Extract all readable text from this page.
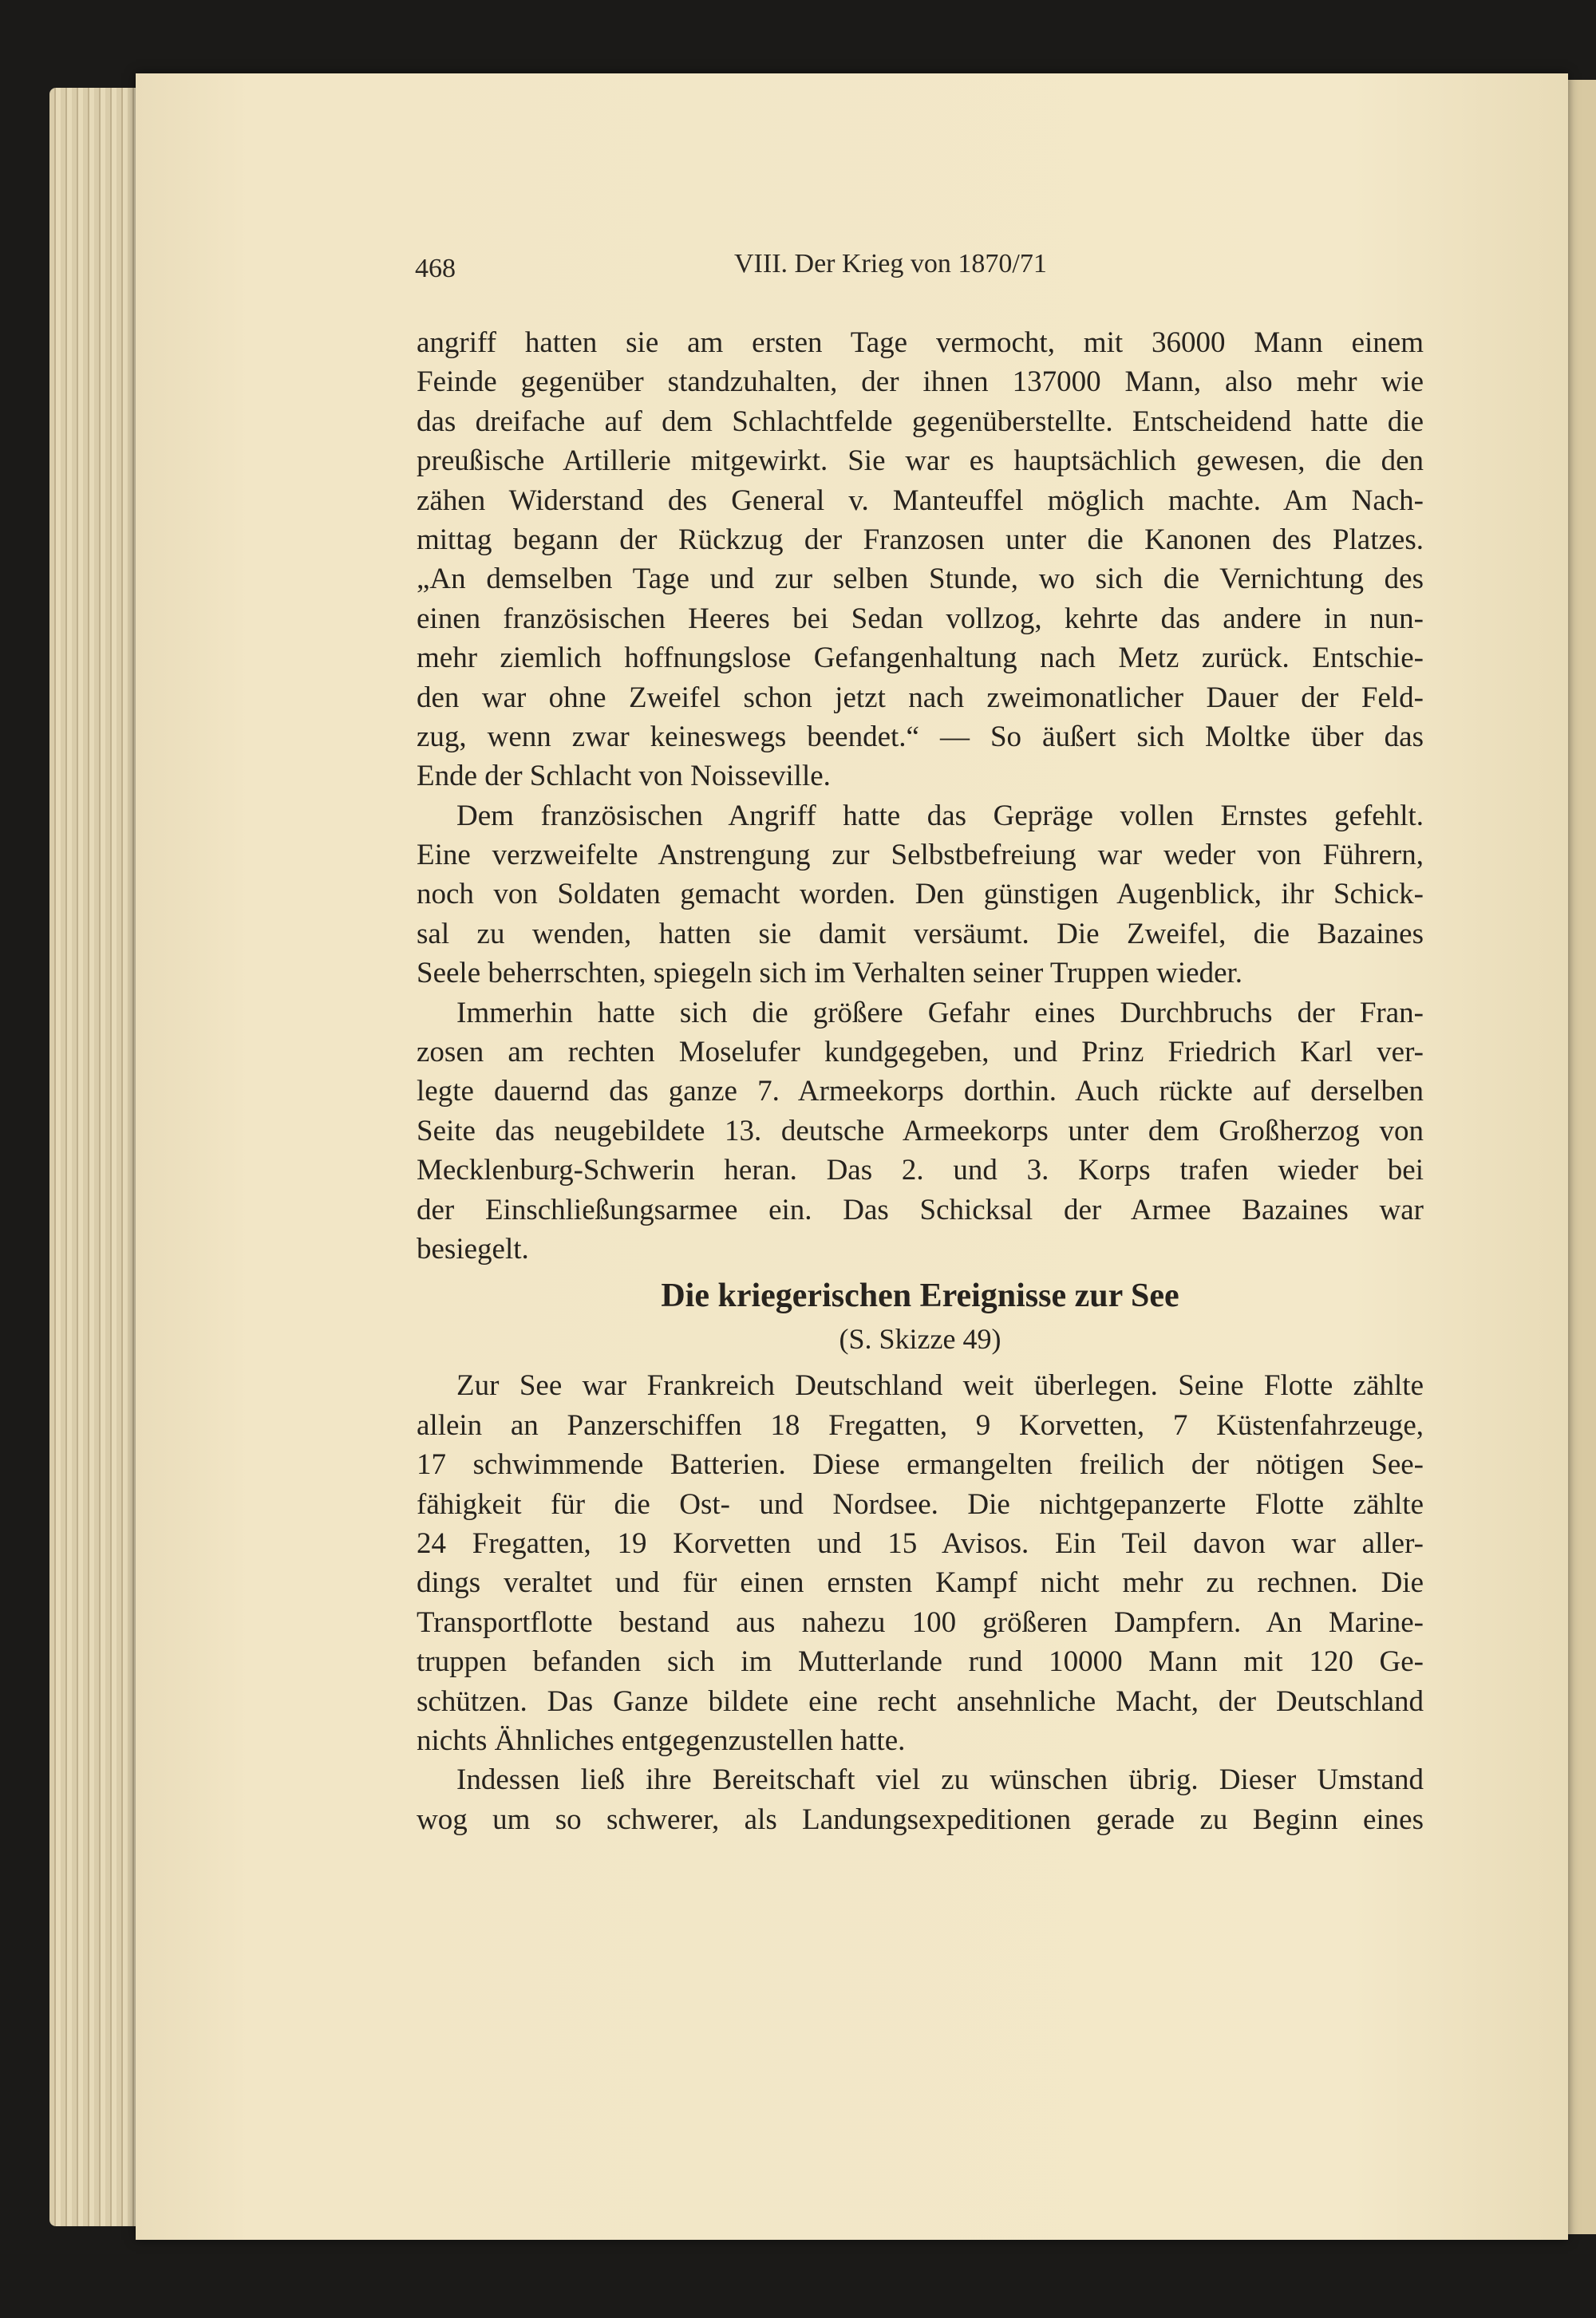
468	VIII. Der Krieg von 1870/71
angriff hatten sie am ersten Tage vermocht, mit 36000 Mann einem
Feinde gegenüber standzuhalten, der ihnen 137000 Mann, also mehr wie
das dreifache auf dem Schlachtfelde gegenüberstellte. Entscheidend hatte die
preußische Artillerie mitgewirkt. Sie war es hauptsächlich gewesen, die den
zähen Widerstand des General v. Manteuffel möglich machte. Am Nach-
mittag begann der Rückzug der Franzosen unter die Kanonen des Platzes.
„An demselben Tage und zur selben Stunde, wo sich die Vernichtung des
einen französischen Heeres bei Sedan vollzog, kehrte das andere in nun-
mehr ziemlich hoffnungslose Gefangenhaltung nach Metz zurück. Entschie-
den war ohne Zweifel schon jetzt nach zweimonatlicher Dauer der Feld-
zug, wenn zwar keineswegs beendet.“ — So äußert sich Moltke über das
Ende der Schlacht von Noisseville.
Dem französischen Angriff hatte das Gepräge vollen Ernstes gefehlt.
Eine verzweifelte Anstrengung zur Selbstbefreiung war weder von Führern,
noch von Soldaten gemacht worden. Den günstigen Augenblick, ihr Schick-
sal zu wenden, hatten sie damit versäumt. Die Zweifel, die Bazaines
Seele beherrschten, spiegeln sich im Verhalten seiner Truppen wieder.
Immerhin hatte sich die größere Gefahr eines Durchbruchs der Fran-
zosen am rechten Moselufer kundgegeben, und Prinz Friedrich Karl ver-
legte dauernd das ganze 7. Armeekorps dorthin. Auch rückte auf derselben
Seite das neugebildete 13. deutsche Armeekorps unter dem Großherzog von
Mecklenburg-Schwerin heran. Das 2. und 3. Korps trafen wieder bei
der Einschließungsarmee ein. Das Schicksal der Armee Bazaines war
besiegelt.
Die kriegerischen Ereignisse zur See
(S. Skizze 49)
Zur See war Frankreich Deutschland weit überlegen. Seine Flotte zählte
allein an Panzerschiffen 18 Fregatten, 9 Korvetten, 7 Küstenfahrzeuge,
17 schwimmende Batterien. Diese ermangelten freilich der nötigen See-
fähigkeit für die Ost- und Nordsee. Die nichtgepanzerte Flotte zählte
24 Fregatten, 19 Korvetten und 15 Avisos. Ein Teil davon war aller-
dings veraltet und für einen ernsten Kampf nicht mehr zu rechnen. Die
Transportflotte bestand aus nahezu 100 größeren Dampfern. An Marine-
truppen befanden sich im Mutterlande rund 10000 Mann mit 120 Ge-
schützen. Das Ganze bildete eine recht ansehnliche Macht, der Deutschland
nichts Ähnliches entgegenzustellen hatte.
Indessen ließ ihre Bereitschaft viel zu wünschen übrig. Dieser Umstand
wog um so schwerer, als Landungsexpeditionen gerade zu Beginn eines
